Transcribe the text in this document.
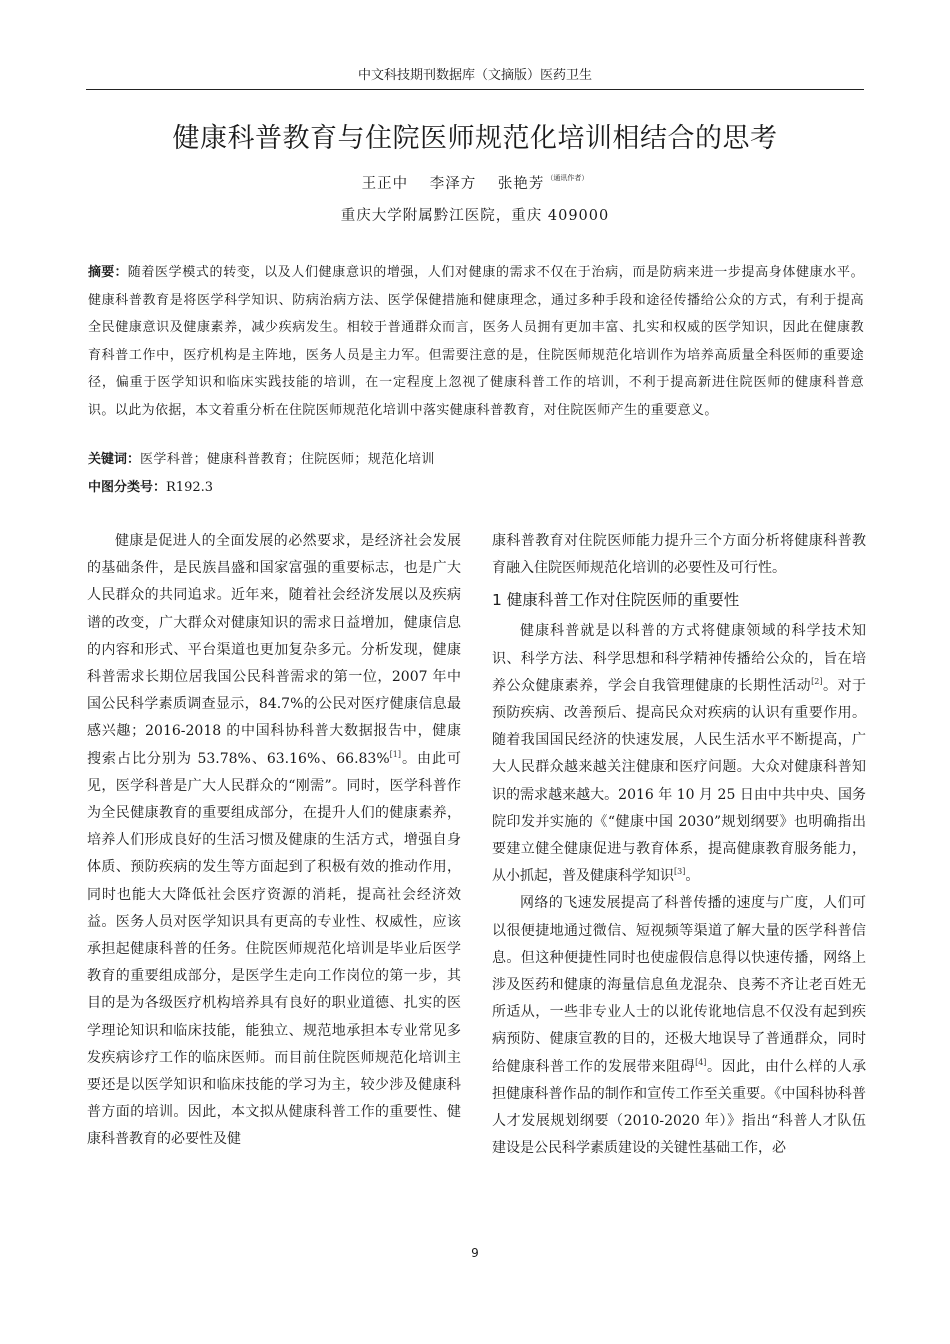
中文科技期刊数据库（文摘版）医药卫生
健康科普教育与住院医师规范化培训相结合的思考
王正中 李泽方 张艳芳 $^{(通讯作者)}$
重庆大学附属黔江医院，重庆 409000
摘要：随着医学模式的转变，以及人们健康意识的增强，人们对健康的需求不仅在于治病，而是防病来进一步提高身体健康水平。健康科普教育是将医学科学知识、防病治病方法、医学保健措施和健康理念，通过多种手段和途径传播给公众的方式，有利于提高全民健康意识及健康素养，减少疾病发生。相较于普通群众而言，医务人员拥有更加丰富、扎实和权威的医学知识，因此在健康教育科普工作中，医疗机构是主阵地，医务人员是主力军。但需要注意的是，住院医师规范化培训作为培养高质量全科医师的重要途径，偏重于医学知识和临床实践技能的培训，在一定程度上忽视了健康科普工作的培训，不利于提高新进住院医师的健康科普意识。以此为依据，本文着重分析在住院医师规范化培训中落实健康科普教育，对住院医师产生的重要意义。
关键词：医学科普；健康科普教育；住院医师；规范化培训
中图分类号：R192.3

健康是促进人的全面发展的必然要求，是经济社会发展的基础条件，是民族昌盛和国家富强的重要标志，也是广大人民群众的共同追求。近年来，随着社会经济发展以及疾病谱的改变，广大群众对健康知识的需求日益增加，健康信息的内容和形式、平台渠道也更加复杂多元。分析发现，健康科普需求长期位居我国公民科普需求的第一位，2007 年中国公民科学素质调查显示，84.7%的公民对医疗健康信息最感兴趣；2016-2018 的中国科协科普大数据报告中，健康搜索占比分别为 53.78%、63.16%、66.83%[1]。由此可见，医学科普是广大人民群众的“刚需”。同时，医学科普作为全民健康教育的重要组成部分，在提升人们的健康素养，培养人们形成良好的生活习惯及健康的生活方式，增强自身体质、预防疾病的发生等方面起到了积极有效的推动作用，同时也能大大降低社会医疗资源的消耗，提高社会经济效益。医务人员对医学知识具有更高的专业性、权威性，应该承担起健康科普的任务。住院医师规范化培训是毕业后医学教育的重要组成部分，是医学生走向工作岗位的第一步，其目的是为各级医疗机构培养具有良好的职业道德、扎实的医学理论知识和临床技能，能独立、规范地承担本专业常见多发疾病诊疗工作的临床医师。而目前住院医师规范化培训主要还是以医学知识和临床技能的学习为主，较少涉及健康科普方面的培训。因此，本文拟从健康科普工作的重要性、健康科普教育的必要性及健

康科普教育对住院医师能力提升三个方面分析将健康科普教育融入住院医师规范化培训的必要性及可行性。

1 健康科普工作对住院医师的重要性

健康科普就是以科普的方式将健康领域的科学技术知识、科学方法、科学思想和科学精神传播给公众的，旨在培养公众健康素养，学会自我管理健康的长期性活动[2]。对于预防疾病、改善预后、提高民众对疾病的认识有重要作用。随着我国国民经济的快速发展，人民生活水平不断提高，广大人民群众越来越关注健康和医疗问题。大众对健康科普知识的需求越来越大。2016 年 10 月 25 日由中共中央、国务院印发并实施的《“健康中国 2030”规划纲要》也明确指出要建立健全健康促进与教育体系，提高健康教育服务能力，从小抓起，普及健康科学知识[3]。

网络的飞速发展提高了科普传播的速度与广度，人们可以很便捷地通过微信、短视频等渠道了解大量的医学科普信息。但这种便捷性同时也使虚假信息得以快速传播，网络上涉及医药和健康的海量信息鱼龙混杂、良莠不齐让老百姓无所适从，一些非专业人士的以讹传讹地信息不仅没有起到疾病预防、健康宣教的目的，还极大地误导了普通群众，同时给健康科普工作的发展带来阻碍[4]。因此，由什么样的人承担健康科普作品的制作和宣传工作至关重要。《中国科协科普人才发展规划纲要（2010-2020 年）》指出“科普人才队伍建设是公民科学素质建设的关键性基础工作，必

9
